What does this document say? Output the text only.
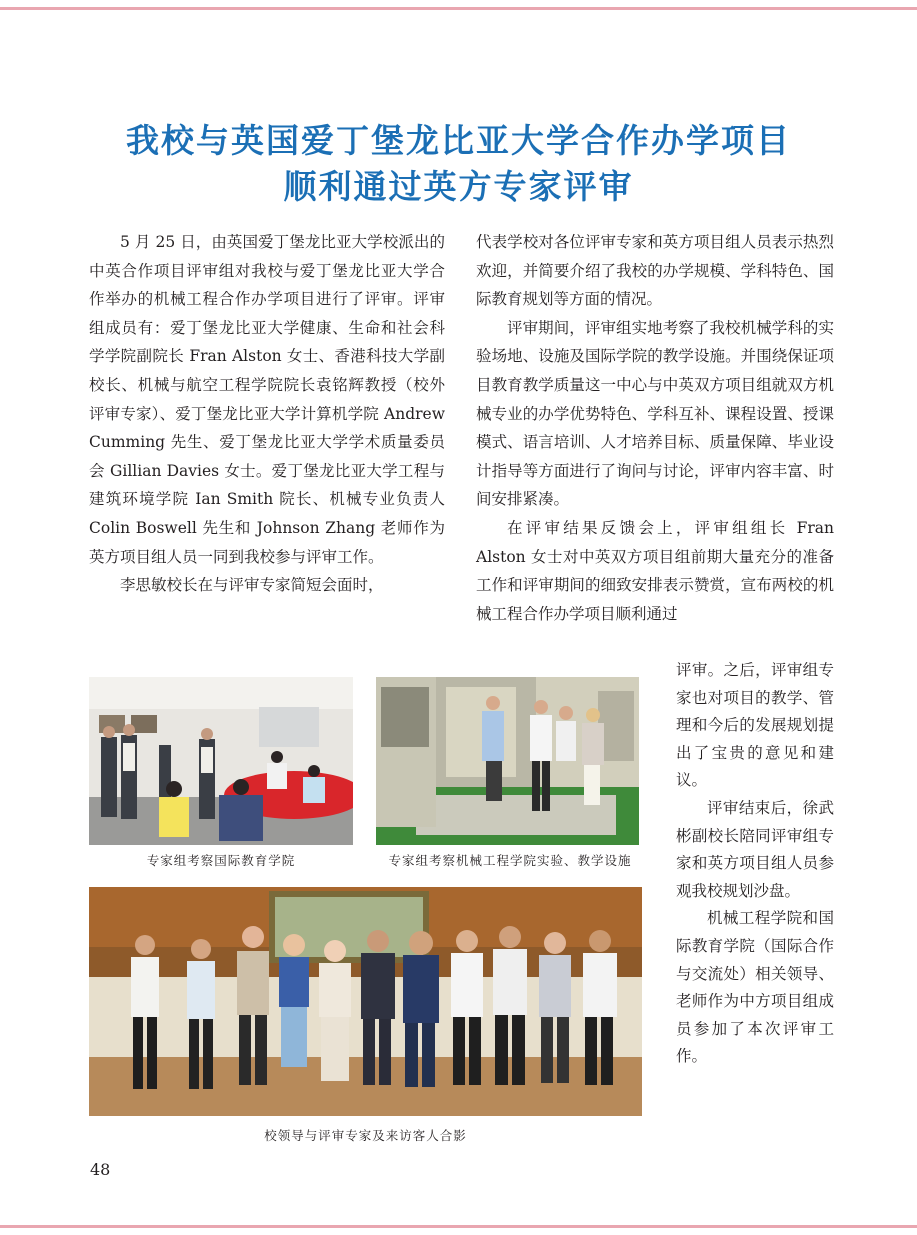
我校与英国爱丁堡龙比亚大学合作办学项目
顺利通过英方专家评审

5 月 25 日，由英国爱丁堡龙比亚大学校派出的中英合作项目评审组对我校与爱丁堡龙比亚大学合作举办的机械工程合作办学项目进行了评审。评审组成员有：爱丁堡龙比亚大学健康、生命和社会科学学院副院长 Fran Alston 女士、香港科技大学副校长、机械与航空工程学院院长袁铭辉教授（校外评审专家）、爱丁堡龙比亚大学计算机学院 Andrew Cumming 先生、爱丁堡龙比亚大学学术质量委员会 Gillian Davies 女士。爱丁堡龙比亚大学工程与建筑环境学院 Ian Smith 院长、机械专业负责人 Colin Boswell 先生和 Johnson Zhang 老师作为英方项目组人员一同到我校参与评审工作。

李思敏校长在与评审专家简短会面时，

代表学校对各位评审专家和英方项目组人员表示热烈欢迎，并简要介绍了我校的办学规模、学科特色、国际教育规划等方面的情况。

评审期间，评审组实地考察了我校机械学科的实验场地、设施及国际学院的教学设施。并围绕保证项目教育教学质量这一中心与中英双方项目组就双方机械专业的办学优势特色、学科互补、课程设置、授课模式、语言培训、人才培养目标、质量保障、毕业设计指导等方面进行了询问与讨论，评审内容丰富、时间安排紧凑。

在评审结果反馈会上，评审组组长 Fran Alston 女士对中英双方项目组前期大量充分的准备工作和评审期间的细致安排表示赞赏，宣布两校的机械工程合作办学项目顺利通过

评审。之后，评审组专家也对项目的教学、管理和今后的发展规划提出了宝贵的意见和建议。

评审结束后，徐武彬副校长陪同评审组专家和英方项目组人员参观我校规划沙盘。

机械工程学院和国际教育学院（国际合作与交流处）相关领导、老师作为中方项目组成员参加了本次评审工作。

专家组考察国际教育学院	专家组考察机械工程学院实验、教学设施
校领导与评审专家及来访客人合影
48
